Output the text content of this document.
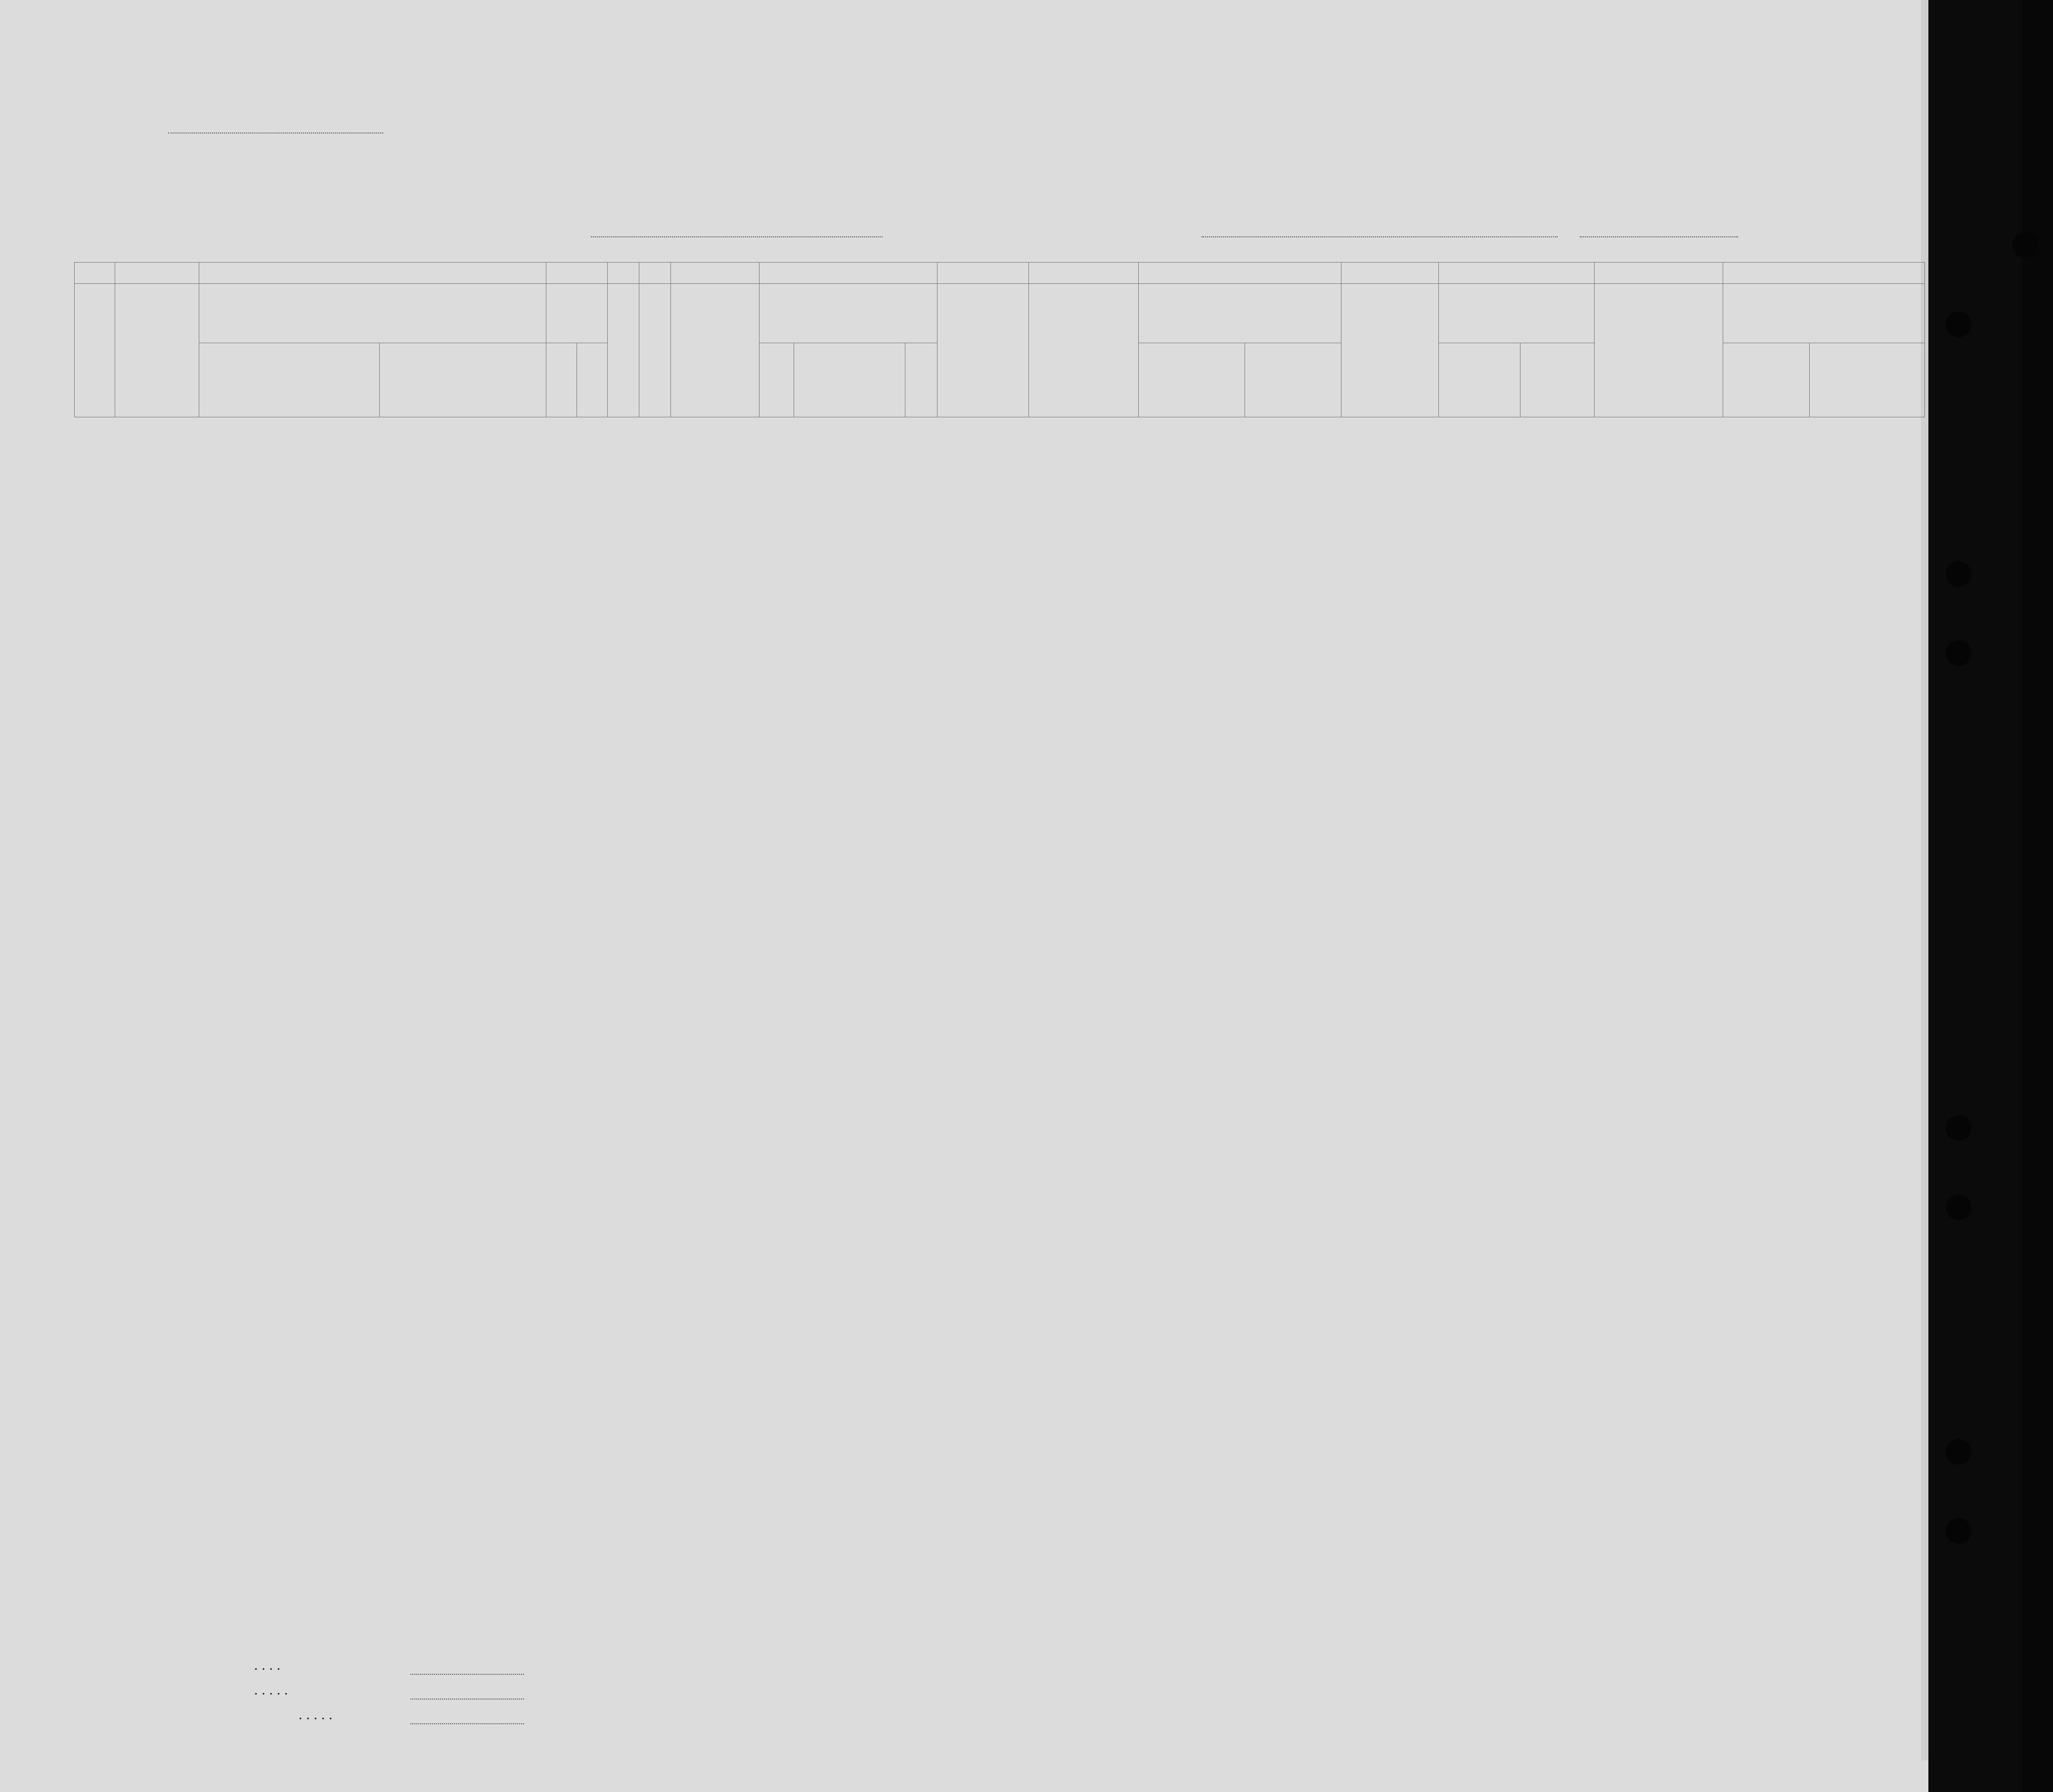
....
.....
.....
